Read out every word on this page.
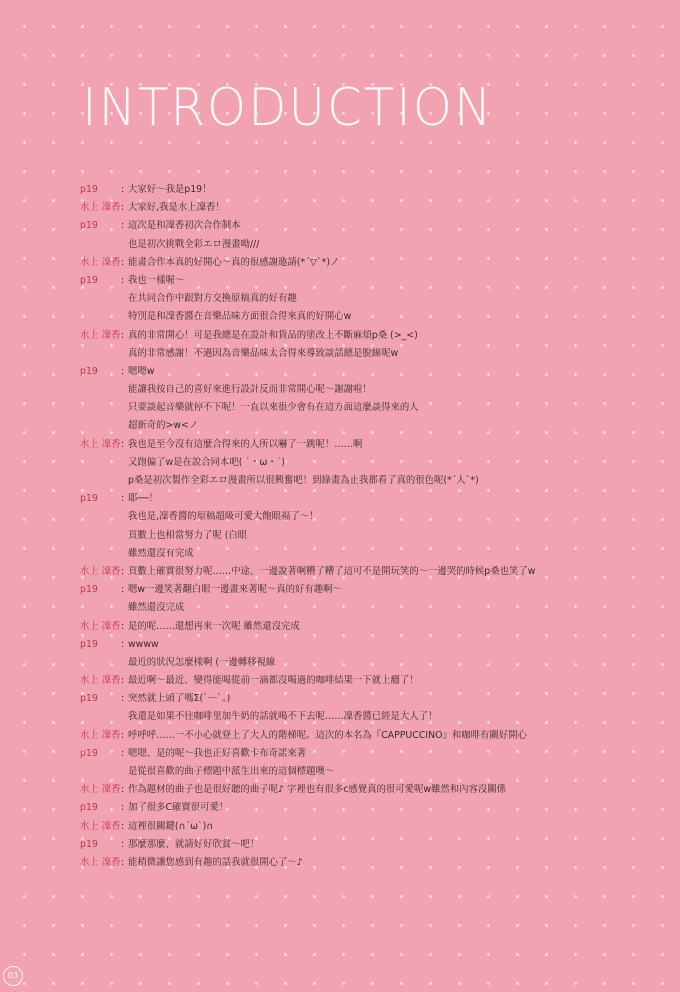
INTRODUCTION
p19	: 大家好〜我是p19！
水上 凜香 : 大家好,我是水上凜香！
p19	: 這次是和凜香初次合作制本
也是初次挑戰全彩エロ漫畫呦///
水上 凜香 : 能畫合作本真的好開心〜真的很感謝邀請(*´▽`*)ノ
p19	: 我也一樣喔〜
在共同合作中跟對方交換原稿真的好有趣
特別是和凜香醬在音樂品味方面很合得來真的好開心w
水上 凜香 : 真的非常開心！可是我總是在設計和貨品的塗改上不斷麻煩p桑 (>_<)
真的非常感謝！不過因為音樂品味太合得來導致談話總是脫線呢w
p19	: 嗯嗯w
能讓我按自己的喜好來進行設計反而非常開心呢〜謝謝啦！
只要談起音樂就停不下呢！一直以來很少會有在這方面這麼談得來的人
超新奇的>w<ノ
水上 凜香 : 我也是至今沒有這麼合得來的人所以嚇了一跳呢！……啊
又跑偏了w是在說合同本吧( ˙・ω・˙)
p桑是初次製作全彩エロ漫畫所以很興奮吧！到綠畫為止我都看了真的很色呢(*´人`*)
p19	: 耶──！
我也是,凜香醬的原稿超級可愛大飽眼福了〜！
頁數上也相當努力了呢 (白眼
雖然還沒有完成
水上 凜香 : 頁數上確實很努力呢……中途、一邊說著啊糟了糟了這可不是開玩笑的〜一邊哭的時候p桑也笑了w
p19	: 嗯w一邊笑著翻白眼一邊畫來著呢〜真的好有趣啊〜
雖然還沒完成
水上 凜香 : 是的呢……還想再來一次呢 雖然還沒完成
p19	: wwww
最近的狀況怎麼樣啊 (一邊轉移視線
水上 凜香 : 最近啊〜最近、變得能喝從前一滴都沒喝過的咖啡結果一下就上癮了！
p19	: 突然就上頭了嗎Σ(ﾟ─ﾟ｡)
我還是如果不往咖啡里加牛奶的話就喝不下去呢……凜香醬已經是大人了！
水上 凜香 : 呼呼呼……一不小心就登上了大人的階梯呢。這次的本名為『CAPPUCCINO』和咖啡有關好開心
p19	: 嗯嗯、是的呢〜我也正好喜歡卡布奇諾來著
是從很喜歡的曲子標題中派生出來的這個標題噢〜
水上 凜香 : 作為題材的曲子也是很好聽的曲子呢♪ 字裡也有很多c感覺真的很可愛呢w雖然和內容沒關係
p19	: 加了很多C確實很可愛！
水上 凜香 : 這裡很關鍵(∩´ω`)∩
p19	: 那麼那麼、就請好好欣賞〜吧！
水上 凜香 : 能稍微讓您感到有趣的話我就很開心了〜♪
03
